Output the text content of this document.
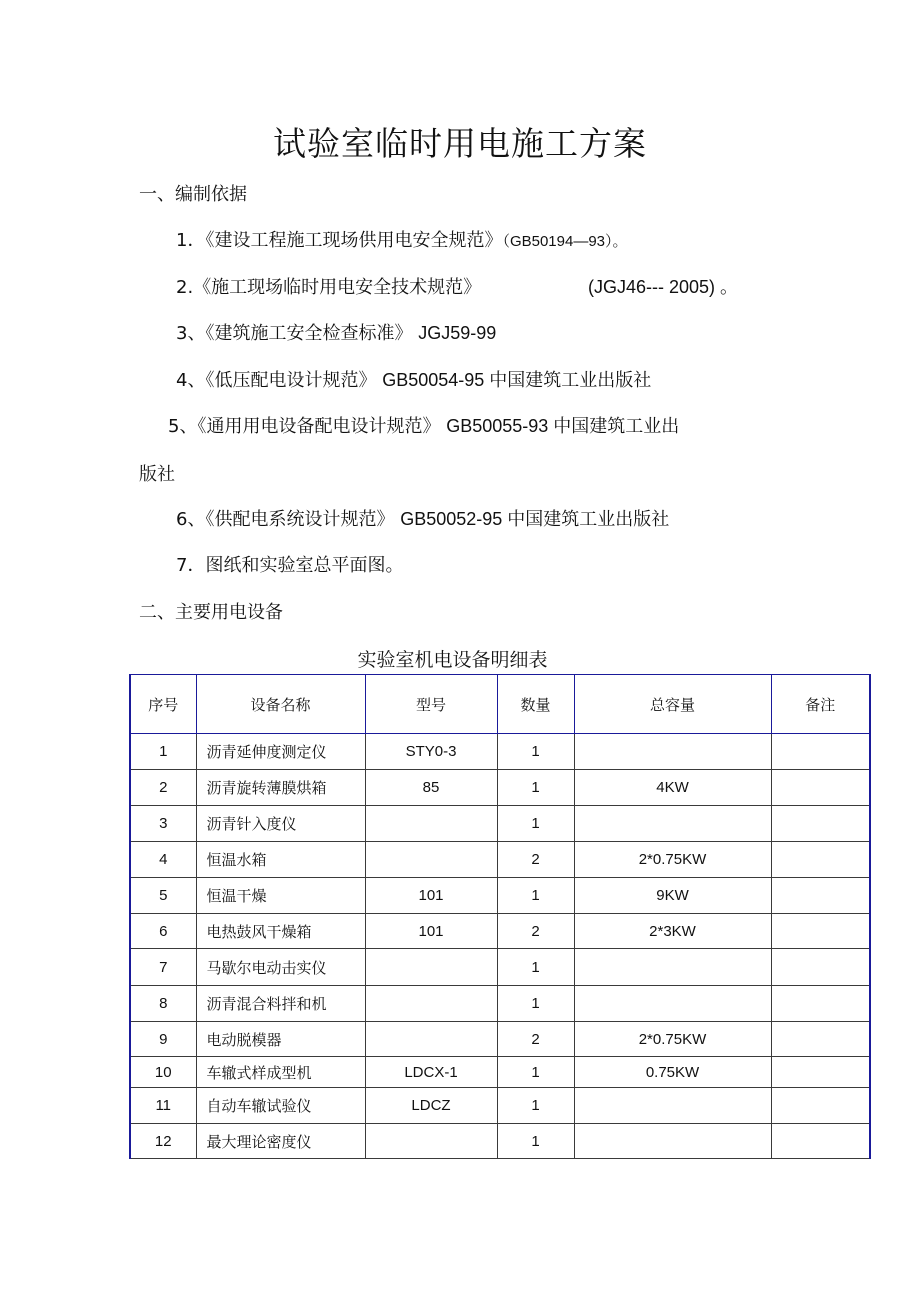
试验室临时用电施工方案
一、编制依据
1．《建设工程施工现场供用电安全规范》（GB50194—93）。
2.《施工现场临时用电安全技术规范》	(JGJ46--- 2005) 。
3、《建筑施工安全检查标准》 JGJ59-99
4、《低压配电设计规范》 GB50054-95 中国建筑工业出版社
5、《通用用电设备配电设计规范》 GB50055-93 中国建筑工业出
版社
6、《供配电系统设计规范》 GB50052-95 中国建筑工业出版社
7．图纸和实验室总平面图。
二、主要用电设备
实验室机电设备明细表
序号	设备名称	型号	数量	总容量	备注
1	沥青延伸度测定仪	STY0-3	1		
2	沥青旋转薄膜烘箱	85	1	4KW	
3	沥青针入度仪		1		
4	恒温水箱		2	2*0.75KW	
5	恒温干燥	101	1	9KW	
6	电热鼓风干燥箱	101	2	2*3KW	
7	马歇尔电动击实仪		1		
8	沥青混合料拌和机		1		
9	电动脱模器		2	2*0.75KW	
10	车辙式样成型机	LDCX-1	1	0.75KW	
11	自动车辙试验仪	LDCZ	1		
12	最大理论密度仪		1		
